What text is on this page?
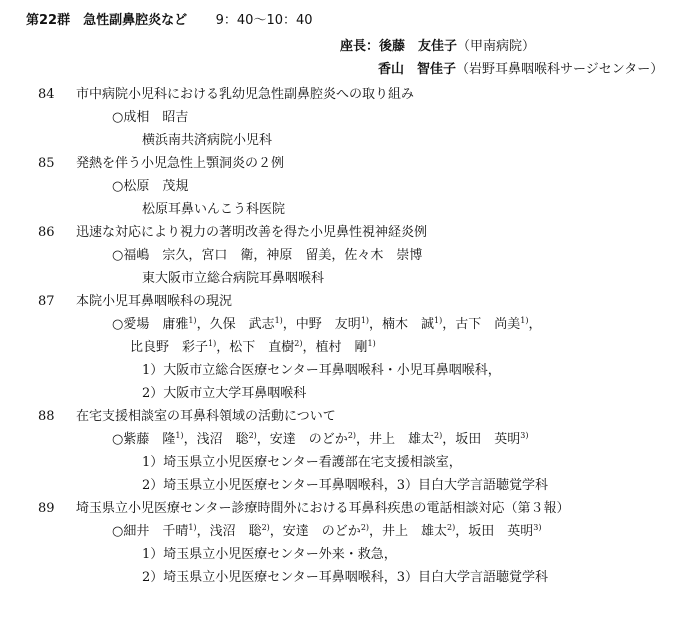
第22群　急性副鼻腔炎など 9：40〜10：40
座長：後藤　友佳子（甲南病院）
香山　智佳子（岩野耳鼻咽喉科サージセンター）
84 市中病院小児科における乳幼児急性副鼻腔炎への取り組み
○成相　昭吉
横浜南共済病院小児科
85 発熱を伴う小児急性上顎洞炎の２例
○松原　茂規
松原耳鼻いんこう科医院
86 迅速な対応により視力の著明改善を得た小児鼻性視神経炎例
○福嶋　宗久，宮口　衛，神原　留美，佐々木　崇博
東大阪市立総合病院耳鼻咽喉科
87 本院小児耳鼻咽喉科の現況
○愛場　庸雅$^{1)}$，久保　武志$^{1)}$，中野　友明$^{1)}$，楠木　誠$^{1)}$，古下　尚美$^{1)}$，
比良野　彩子$^{1)}$，松下　直樹$^{2)}$，植村　剛$^{1)}$
1）大阪市立総合医療センター耳鼻咽喉科・小児耳鼻咽喉科，
2）大阪市立大学耳鼻咽喉科
88 在宅支援相談室の耳鼻科領域の活動について
○紫藤　隆$^{1)}$，浅沼　聡$^{2)}$，安達　のどか$^{2)}$，井上　雄太$^{2)}$，坂田　英明$^{3)}$
1）埼玉県立小児医療センター看護部在宅支援相談室，
2）埼玉県立小児医療センター耳鼻咽喉科，3）目白大学言語聴覚学科
89 埼玉県立小児医療センター診療時間外における耳鼻科疾患の電話相談対応（第３報）
○細井　千晴$^{1)}$，浅沼　聡$^{2)}$，安達　のどか$^{2)}$，井上　雄太$^{2)}$，坂田　英明$^{3)}$
1）埼玉県立小児医療センター外来・救急，
2）埼玉県立小児医療センター耳鼻咽喉科，3）目白大学言語聴覚学科
